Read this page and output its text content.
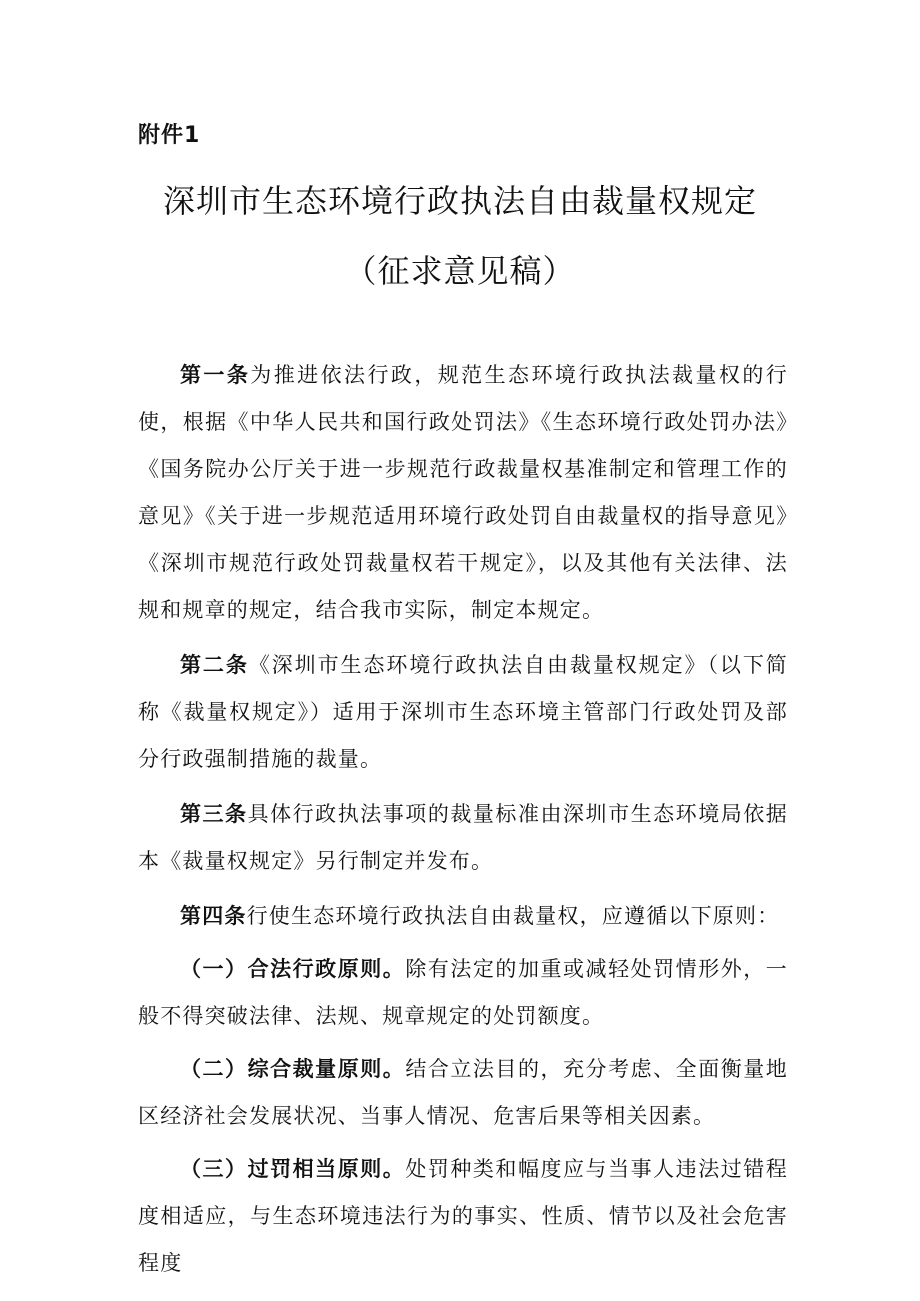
附件1
深圳市生态环境行政执法自由裁量权规定
（征求意见稿）

第一条为推进依法行政，规范生态环境行政执法裁量权的行使，根据《中华人民共和国行政处罚法》《生态环境行政处罚办法》《国务院办公厅关于进一步规范行政裁量权基准制定和管理工作的意见》《关于进一步规范适用环境行政处罚自由裁量权的指导意见》《深圳市规范行政处罚裁量权若干规定》，以及其他有关法律、法规和规章的规定，结合我市实际，制定本规定。

第二条《深圳市生态环境行政执法自由裁量权规定》（以下简称《裁量权规定》）适用于深圳市生态环境主管部门行政处罚及部分行政强制措施的裁量。

第三条具体行政执法事项的裁量标准由深圳市生态环境局依据本《裁量权规定》另行制定并发布。

第四条行使生态环境行政执法自由裁量权，应遵循以下原则：

（一）合法行政原则。除有法定的加重或减轻处罚情形外，一般不得突破法律、法规、规章规定的处罚额度。

（二）综合裁量原则。结合立法目的，充分考虑、全面衡量地区经济社会发展状况、当事人情况、危害后果等相关因素。

（三）过罚相当原则。处罚种类和幅度应与当事人违法过错程度相适应，与生态环境违法行为的事实、性质、情节以及社会危害程度
